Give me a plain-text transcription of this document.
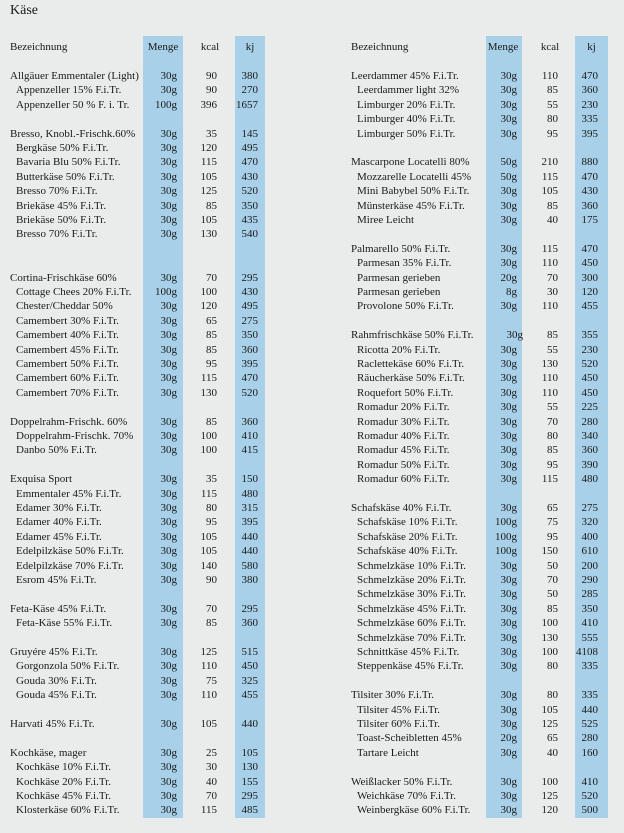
Käse
Bezeichnung	Menge	kcal	kj	Bezeichnung	Menge	kcal	kj
Allgäuer Emmentaler (Light) 30g	90 380
Appenzeller 15% F.i.Tr.	30g	90 270
Appenzeller 50 % F. i. Tr. 100g 396 1657
Bresso, Knobl.-Frischk.60% 30g	35 145
Bergkäse 50% F.i.Tr.	30g 120 495
Bavaria Blu 50% F.i.Tr.	30g 115 470
Butterkäse 50% F.i.Tr.	30g 105 430
Bresso 70% F.i.Tr.	30g 125 520
Briekäse 45% F.i.Tr.	30g	85 350
Briekäse 50% F.i.Tr.	30g 105 435
Bresso 70% F.i.Tr.	30g 130 540
Cortina-Frischkäse 60%	30g	70 295
Cottage Chees 20% F.i.Tr. 100g 100 430
Chester/Cheddar 50%	30g 120 495
Camembert 30% F.i.Tr.	30g	65 275
Camembert 40% F.i.Tr.	30g	85 350
Camembert 45% F.i.Tr.	30g	85 360
Camembert 50% F.i.Tr.	30g	95 395
Camembert 60% F.i.Tr.	30g 115 470
Camembert 70% F.i.Tr.	30g 130 520
Doppelrahm-Frischk. 60%	30g	85 360
Doppelrahm-Frischk. 70% 30g 100 410
Danbo 50% F.i.Tr.	30g 100 415
Exquisa Sport	30g	35 150
Emmentaler 45% F.i.Tr.	30g 115 480
Edamer 30% F.i.Tr.	30g	80 315
Edamer 40% F.i.Tr.	30g	95 395
Edamer 45% F.i.Tr.	30g 105 440
Edelpilzkäse 50% F.i.Tr.	30g 105 440
Edelpilzkäse 70% F.i.Tr.	30g 140 580
Esrom 45% F.i.Tr.	30g	90 380
Feta-Käse 45% F.i.Tr.	30g	70 295
Feta-Käse 55% F.i.Tr.	30g	85 360
Gruyére 45% F.i.Tr.	30g 125 515
Gorgonzola 50% F.i.Tr.	30g 110 450
Gouda 30% F.i.Tr.	30g	75 325
Gouda 45% F.i.Tr.	30g 110 455
Harvati 45% F.i.Tr.	30g 105 440
Kochkäse, mager	30g	25 105
Kochkäse 10% F.i.Tr.	30g	30 130
Kochkäse 20% F.i.Tr.	30g	40 155
Kochkäse 45% F.i.Tr.	30g	70 295
Klosterkäse 60% F.i.Tr.	30g 115 485
Leerdammer 45% F.i.Tr.	30g 110 470
Leerdammer light 32%	30g	85 360
Limburger 20% F.i.Tr.	30g	55 230
Limburger 40% F.i.Tr.	30g	80 335
Limburger 50% F.i.Tr.	30g	95 395
Mascarpone Locatelli 80%	50g 210 880
Mozzarelle Locatelli 45%	50g 115 470
Mini Babybel 50% F.i.Tr.	30g 105 430
Münsterkäse 45% F.i.Tr.	30g	85 360
Miree Leicht	30g	40 175
Palmarello 50% F.i.Tr.	30g 115 470
Parmesan 35% F.i.Tr.	30g 110 450
Parmesan gerieben	20g	70 300
Parmesan gerieben	8g	30 120
Provolone 50% F.i.Tr.	30g 110 455
Rahmfrischkäse 50% F.i.Tr.	30g 85 355
Ricotta 20% F.i.Tr.	30g	55 230
Raclettekäse 60% F.i.Tr.	30g 130 520
Räucherkäse 50% F.i.Tr.	30g 110 450
Roquefort 50% F.i.Tr.	30g 110 450
Romadur 20% F.i.Tr.	30g	55 225
Romadur 30% F.i.Tr.	30g	70 280
Romadur 40% F.i.Tr.	30g	80 340
Romadur 45% F.i.Tr.	30g	85 360
Romadur 50% F.i.Tr.	30g	95 390
Romadur 60% F.i.Tr.	30g 115 480
Schafskäse 40% F.i.Tr.	30g	65 275
Schafskäse 10% F.i.Tr.	100g	75 320
Schafskäse 20% F.i.Tr.	100g	95 400
Schafskäse 40% F.i.Tr.	100g 150 610
Schmelzkäse 10% F.i.Tr.	30g	50 200
Schmelzkäse 20% F.i.Tr.	30g	70 290
Schmelzkäse 30% F.i.Tr.	30g	50 285
Schmelzkäse 45% F.i.Tr.	30g	85 350
Schmelzkäse 60% F.i.Tr.	30g 100 410
Schmelzkäse 70% F.i.Tr.	30g 130 555
Schnittkäse 45% F.i.Tr.	30g 100 4108
Steppenkäse 45% F.i.Tr.	30g	80 335
Tilsiter 30% F.i.Tr.	30g	80 335
Tilsiter 45% F.i.Tr.	30g 105 440
Tilsiter 60% F.i.Tr.	30g 125 525
Toast-Scheibletten 45%	20g	65 280
Tartare Leicht	30g	40 160
Weißlacker 50% F.i.Tr.	30g 100 410
Weichkäse 70% F.i.Tr.	30g 125 520
Weinbergkäse 60% F.i.Tr.	30g 120 500
